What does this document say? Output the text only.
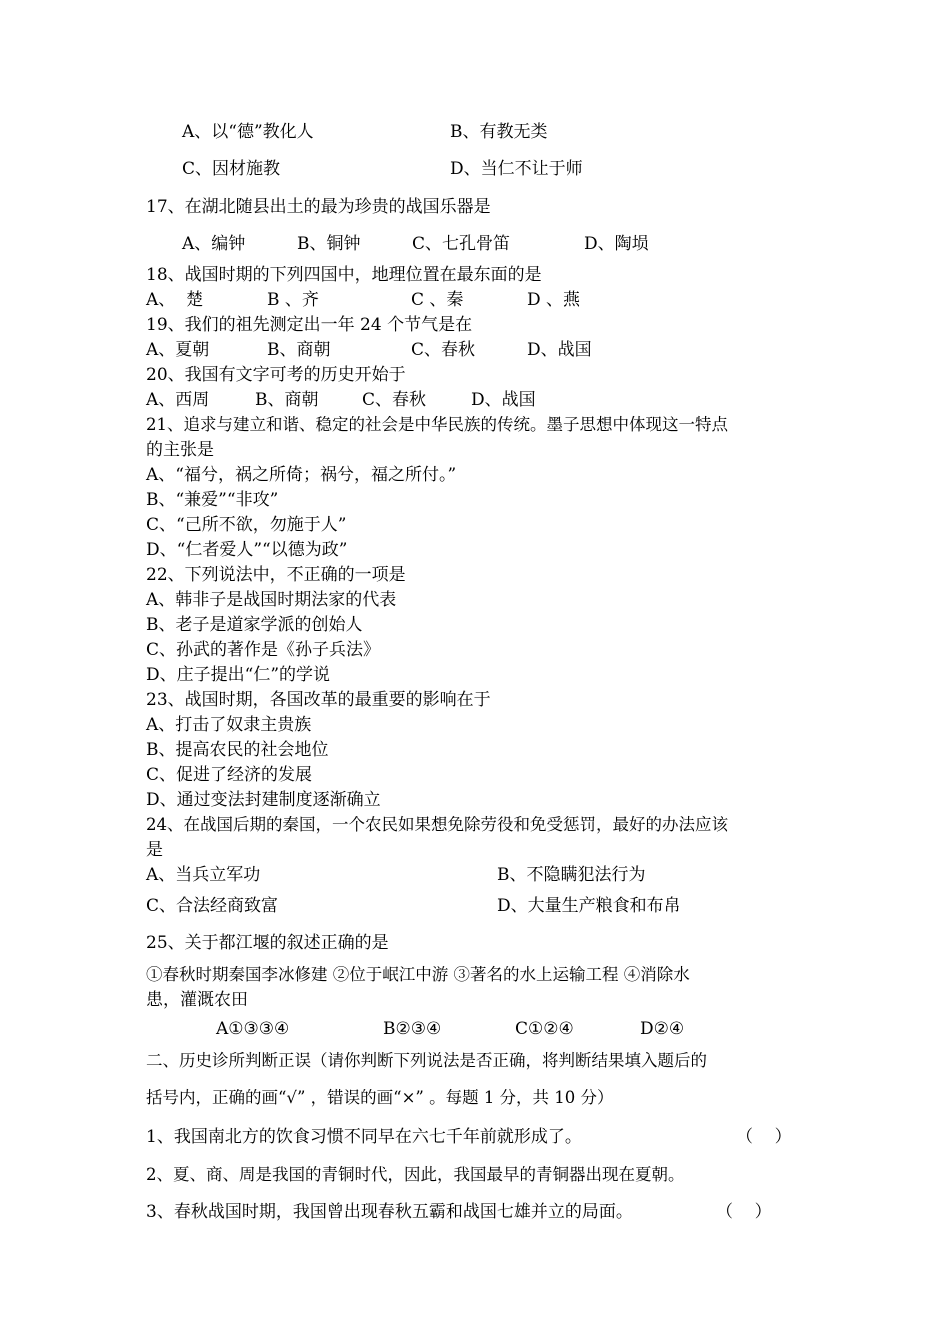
A、以“德”教化人	B、有教无类
C、因材施教	D、当仁不让于师
17、在湖北随县出土的最为珍贵的战国乐器是
A、编钟	B、铜钟	C、七孔骨笛	D、陶埙
18、战国时期的下列四国中，地理位置在最东面的是
A、  楚	B 、齐	C 、秦	D 、燕
19、我们的祖先测定出一年 24 个节气是在
A、夏朝	B、商朝	C、春秋	D、战国
20、我国有文字可考的历史开始于
A、西周	B、商朝	C、春秋	D、战国
21、追求与建立和谐、稳定的社会是中华民族的传统。墨子思想中体现这一特点
的主张是
A、“福兮，祸之所倚；祸兮，福之所付。”
B、“兼爱”“非攻”
C、“己所不欲，勿施于人”
D、“仁者爱人”“以德为政”
22、下列说法中，不正确的一项是
A、韩非子是战国时期法家的代表
B、老子是道家学派的创始人
C、孙武的著作是《孙子兵法》
D、庄子提出“仁”的学说
23、战国时期，各国改革的最重要的影响在于
A、打击了奴隶主贵族
B、提高农民的社会地位
C、促进了经济的发展
D、通过变法封建制度逐渐确立
24、在战国后期的秦国，一个农民如果想免除劳役和免受惩罚，最好的办法应该
是
A、当兵立军功	B、不隐瞒犯法行为
C、合法经商致富	D、大量生产粮食和布帛
25、关于都江堰的叙述正确的是
①春秋时期秦国李冰修建 ②位于岷江中游 ③著名的水上运输工程 ④消除水
患，灌溉农田
A①③③④	B②③④	C①②④	D②④
二、历史诊所判断正误（请你判断下列说法是否正确，将判断结果填入题后的
括号内，正确的画“√” ，错误的画“×” 。每题 1 分，共 10 分）
1、我国南北方的饮食习惯不同早在六七千年前就形成了。	（    ）
2、夏、商、周是我国的青铜时代，因此，我国最早的青铜器出现在夏朝。
3、春秋战国时期，我国曾出现春秋五霸和战国七雄并立的局面。	（    ）
